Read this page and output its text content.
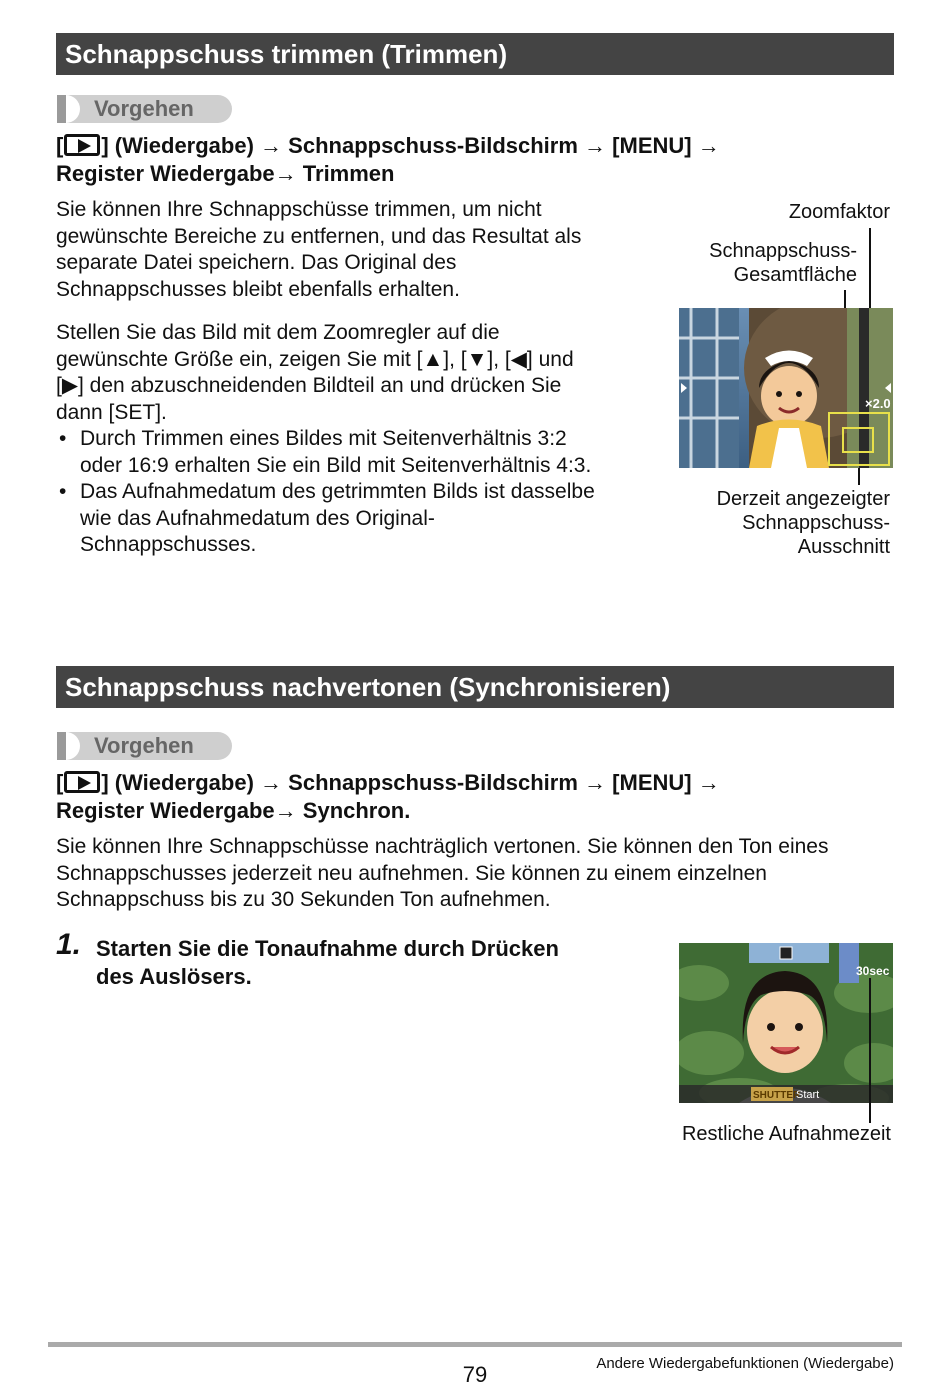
Schnappschuss trimmen (Trimmen)
Vorgehen
[ ] (Wiedergabe) → Schnappschuss-Bildschirm → [MENU] →
Register Wiedergabe→ Trimmen
Sie können Ihre Schnappschüsse trimmen, um nicht
gewünschte Bereiche zu entfernen, und das Resultat als
separate Datei speichern. Das Original des
Schnappschusses bleibt ebenfalls erhalten.
Stellen Sie das Bild mit dem Zoomregler auf die
gewünschte Größe ein, zeigen Sie mit [▲], [▼], [◀] und
[▶] den abzuschneidenden Bildteil an und drücken Sie
dann [SET].
• Durch Trimmen eines Bildes mit Seitenverhältnis 3:2
oder 16:9 erhalten Sie ein Bild mit Seitenverhältnis 4:3.
• Das Aufnahmedatum des getrimmten Bilds ist dasselbe
wie das Aufnahmedatum des Original-
Schnappschusses.
Zoomfaktor
Schnappschuss-
Gesamtfläche
×2.0
Derzeit angezeigter
Schnappschuss-
Ausschnitt
Schnappschuss nachvertonen (Synchronisieren)
Vorgehen
[ ] (Wiedergabe) → Schnappschuss-Bildschirm → [MENU] →
Register Wiedergabe→ Synchron.
Sie können Ihre Schnappschüsse nachträglich vertonen. Sie können den Ton eines
Schnappschusses jederzeit neu aufnehmen. Sie können zu einem einzelnen
Schnappschuss bis zu 30 Sekunden Ton aufnehmen.
1. Starten Sie die Tonaufnahme durch Drücken
des Auslösers.
SHUTTER
Start
30sec
Restliche Aufnahmezeit
79	Andere Wiedergabefunktionen (Wiedergabe)
